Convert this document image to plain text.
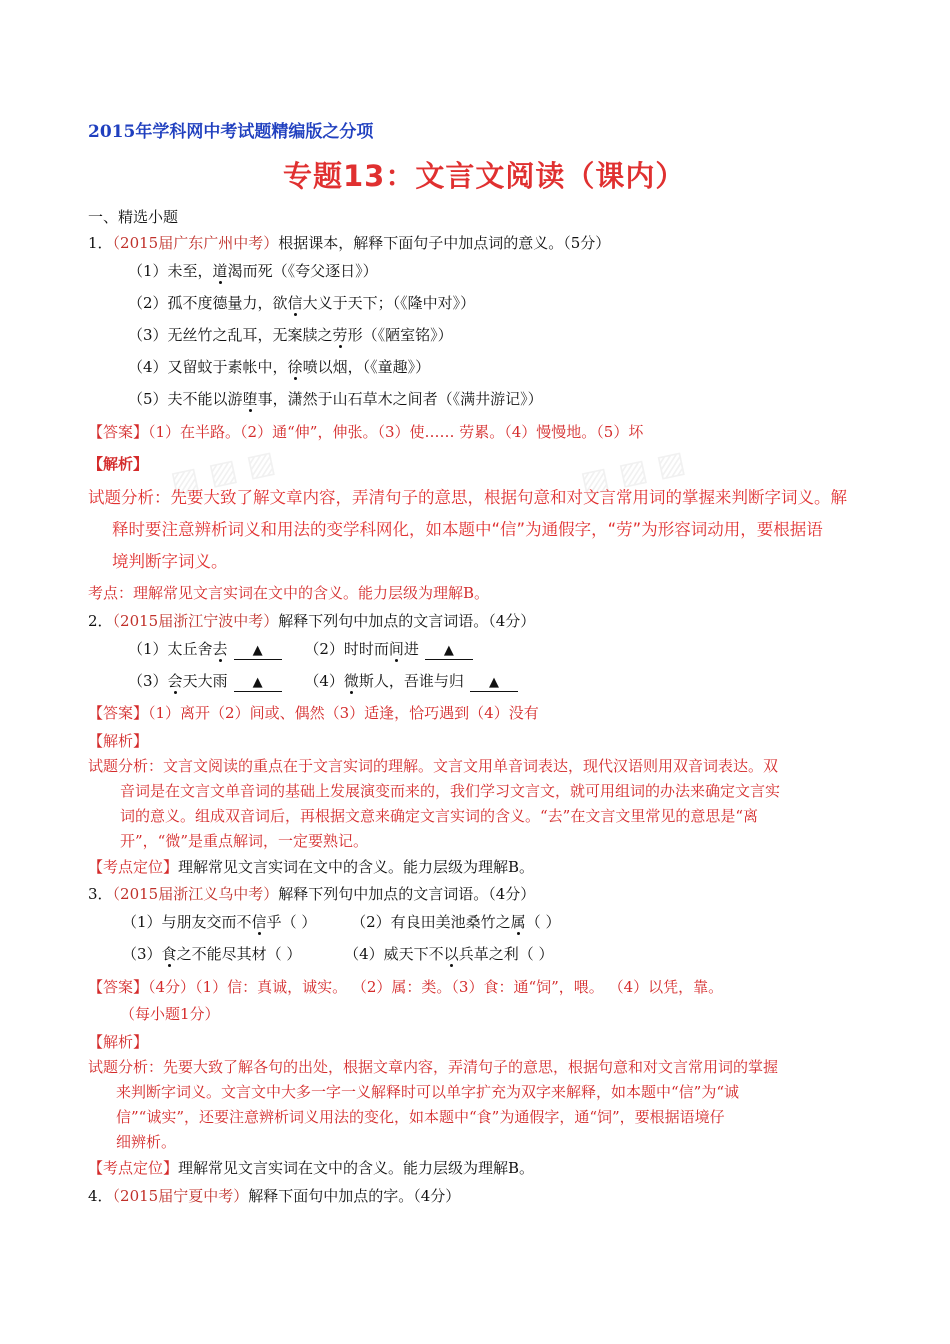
▨ ▨ ▨	▨ ▨ ▨
2015年学科网中考试题精编版之分项
专题13：文言文阅读（课内）
一、精选小题
1．（2015届广东广州中考）根据课本，解释下面句子中加点词的意义。（5分）
（1）未至，道渴而死（《夸父逐日》）
（2）孤不度德量力，欲信大义于天下；（《隆中对》）
（3）无丝竹之乱耳，无案牍之劳形（《陋室铭》）
（4）又留蚊于素帐中，徐喷以烟，（《童趣》）
（5）夫不能以游堕事，潇然于山石草木之间者（《满井游记》）
【答案】（1）在半路。（2）通“伸”，伸张。（3）使…… 劳累。（4）慢慢地。（5）坏
【解析】
试题分析：先要大致了解文章内容，弄清句子的意思，根据句意和对文言常用词的掌握来判断字词义。解
释时要注意辨析词义和用法的变学科网化，如本题中“信”为通假字，“劳”为形容词动用，要根据语
境判断字词义。
考点：理解常见文言实词在文中的含义。能力层级为理解B。
2．（2015届浙江宁波中考）解释下列句中加点的文言词语。（4分）
（1）太丘舍去 ▲	（2）时时而间进 ▲
（3）会天大雨 ▲	（4）微斯人，吾谁与归 ▲
【答案】（1）离开（2）间或、偶然（3）适逢，恰巧遇到（4）没有
【解析】
试题分析：文言文阅读的重点在于文言实词的理解。文言文用单音词表达，现代汉语则用双音词表达。双
音词是在文言文单音词的基础上发展演变而来的，我们学习文言文，就可用组词的办法来确定文言实
词的意义。组成双音词后，再根据文意来确定文言实词的含义。“去”在文言文里常见的意思是“离
开”，“微”是重点解词，一定要熟记。
【考点定位】理解常见文言实词在文中的含义。能力层级为理解B。
3．（2015届浙江义乌中考）解释下列句中加点的文言词语。（4分）
（1）与朋友交而不信乎（ ） （2）有良田美池桑竹之属（ ）
（3）食之不能尽其材（ ）	（4）威天下不以兵革之利（ ）
【答案】（4分）（1）信：真诚，诚实。 （2）属：类。（3）食：通“饲”，喂。 （4）以凭，靠。
（每小题1分）
【解析】
试题分析：先要大致了解各句的出处，根据文章内容，弄清句子的意思，根据句意和对文言常用词的掌握
来判断字词义。文言文中大多一字一义解释时可以单字扩充为双字来解释，如本题中“信”为“诚
信”“诚实”，还要注意辨析词义用法的变化，如本题中“食”为通假字，通“饲”，要根据语境仔
细辨析。
【考点定位】理解常见文言实词在文中的含义。能力层级为理解B。
4．（2015届宁夏中考）解释下面句中加点的字。（4分）
